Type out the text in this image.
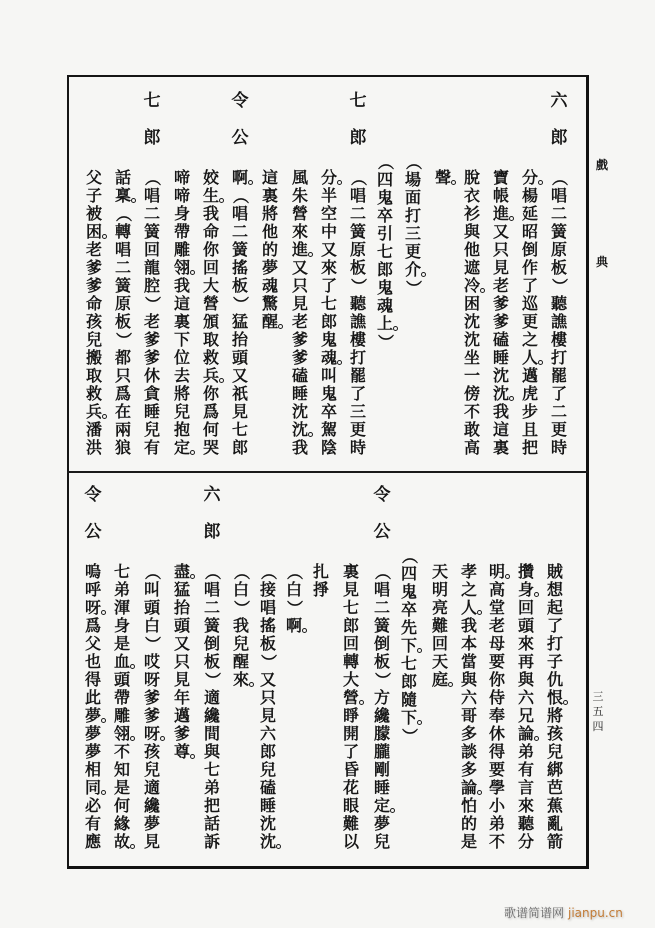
戲
典
三
五
四
六
郎
（
唱
二
簧
原
板
）
聽
譙
樓
打
罷
了
二
更
時
分
楊
延
昭
倒
作
了
巡
更
之
人
邁
虎
步
且
把
寶
帳
進
又
只
見
老
爹
爹
磕
睡
沈
沈
我
這
裏
脫
衣
衫
與
他
遮
冷
困
沈
沈
坐
一
傍
不
敢
高
聲
（
場
面
打
三
更
介
）
（
四
鬼
卒
引
七
郎
鬼
魂
上
）
七
郎
（
唱
二
簧
原
板
）
聽
譙
樓
打
罷
了
三
更
時
分
半
空
中
又
來
了
七
郎
鬼
魂
叫
鬼
卒
駕
陰
風
朱
營
來
進
又
只
見
老
爹
爹
磕
睡
沈
沈
我
這
裏
將
他
的
夢
魂
驚
醒
令
公
啊
（
唱
二
簧
搖
板
）
猛
抬
頭
又
祇
見
七
郎
姣
生
我
命
你
回
大
營
頒
取
救
兵
你
爲
何
哭
啼
啼
身
帶
雕
翎
我
這
裏
下
位
去
將
兒
抱
定
七
郎
（
唱
二
簧
回
龍
腔
）
老
爹
爹
休
貪
睡
兒
有
話
稟
（
轉
唱
二
簧
原
板
）
都
只
爲
在
兩
狼
父
子
被
困
老
爹
爹
命
孩
兒
搬
取
救
兵
潘
洪
賊
想
起
了
打
子
仇
恨
將
孩
兒
綁
芭
蕉
亂
箭
攢
身
回
頭
來
再
與
六
兄
論
弟
有
言
來
聽
分
明
高
堂
老
母
要
你
侍
奉
休
得
要
學
小
弟
不
孝
之
人
我
本
當
與
六
哥
多
談
多
論
怕
的
是
天
明
亮
難
回
天
庭
（
四
鬼
卒
先
下
七
郎
隨
下
）
令
公
（
唱
二
簧
倒
板
）
方
纔
朦
朧
剛
睡
定
夢
兒
裏
見
七
郎
回
轉
大
營
睜
開
了
昏
花
眼
難
以
扎
掙
（
白
）
啊
（
接
唱
搖
板
）
又
只
見
六
郎
兒
磕
睡
沈
沈
（
白
）
我
兒
醒
來
六
郎
（
唱
二
簧
倒
板
）
適
纔
間
與
七
弟
把
話
訴
盡
猛
抬
頭
又
只
見
年
邁
爹
尊
（
叫
頭
白
）
哎
呀
爹
爹
呀
孩
兒
適
纔
夢
見
七
弟
渾
身
是
血
頭
帶
雕
翎
不
知
是
何
緣
故
令
公
嗚
呼
呀
爲
父
也
得
此
夢
夢
夢
相
同
必
有
應
歌谱简谱网 jianpu.cn
